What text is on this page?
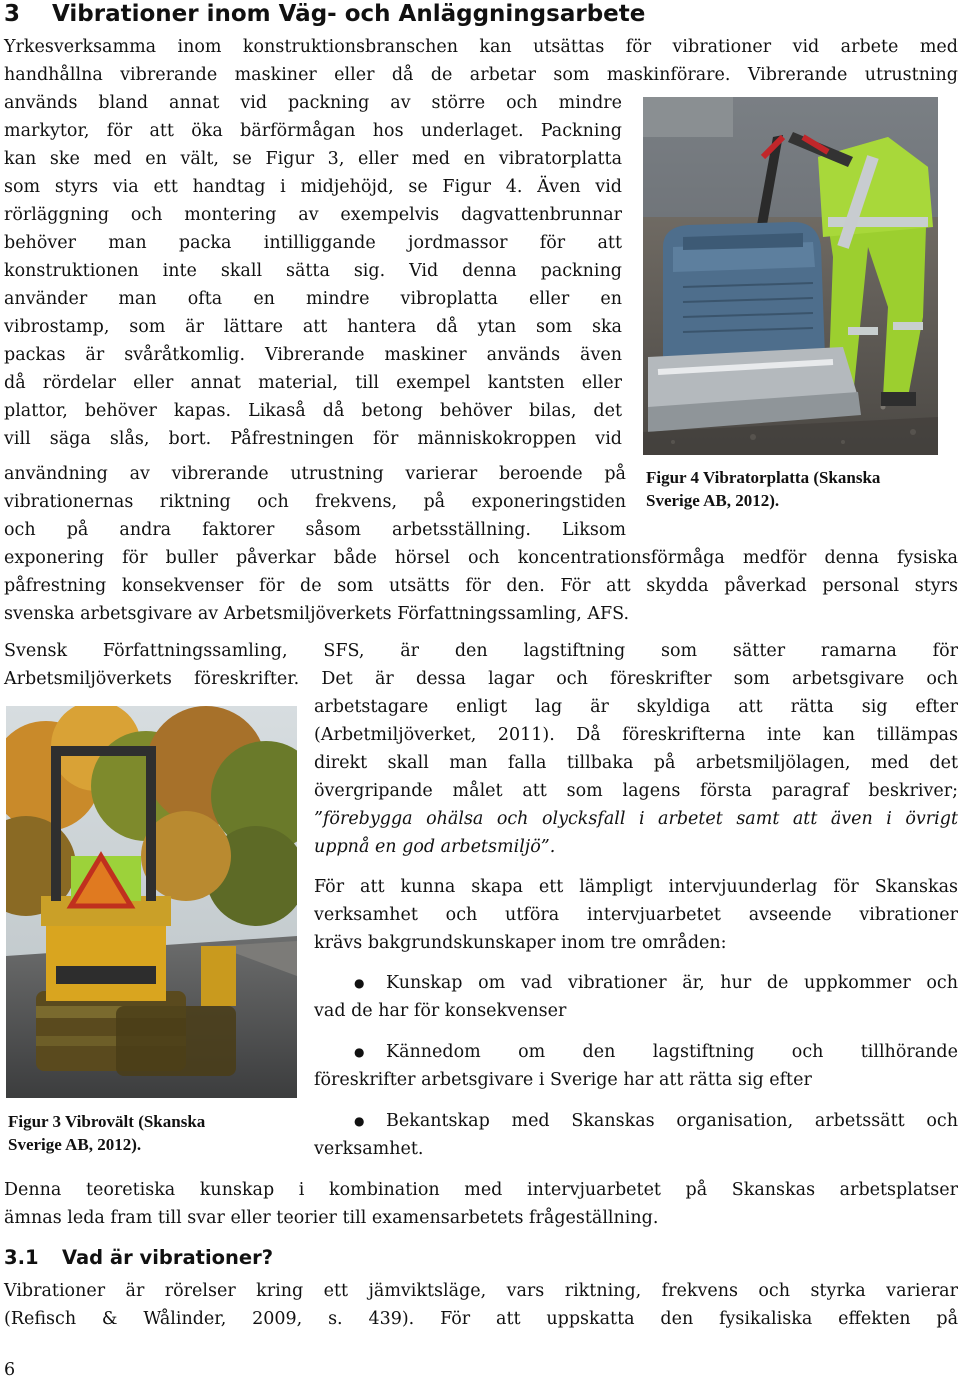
3 Vibrationer inom Väg- och Anläggningsarbete
Yrkesverksamma inom konstruktionsbranschen kan utsättas för vibrationer vid arbete med
handhållna vibrerande maskiner eller då de arbetar som maskinförare. Vibrerande utrustning
används bland annat vid packning av större och mindre
markytor, för att öka bärförmågan hos underlaget. Packning
kan ske med en vält, se Figur 3, eller med en vibratorplatta
som styrs via ett handtag i midjehöjd, se Figur 4. Även vid
rörläggning och montering av exempelvis dagvattenbrunnar
behöver man packa intilliggande jordmassor för att
konstruktionen inte skall sätta sig. Vid denna packning
använder man ofta en mindre vibroplatta eller en
vibrostamp, som är lättare att hantera då ytan som ska
packas är svåråtkomlig. Vibrerande maskiner används även
då rördelar eller annat material, till exempel kantsten eller
plattor, behöver kapas. Likaså då betong behöver bilas, det
vill säga slås, bort. Påfrestningen för människokroppen vid
användning av vibrerande utrustning varierar beroende på
vibrationernas riktning och frekvens, på exponeringstiden
och på andra faktorer såsom arbetsställning. Liksom
exponering för buller påverkar både hörsel och koncentrationsförmåga medför denna fysiska
påfrestning konsekvenser för de som utsätts för den. För att skydda påverkad personal styrs
svenska arbetsgivare av Arbetsmiljöverkets Författningssamling, AFS.
Figur 4 Vibratorplatta (Skanska
Sverige AB, 2012).
Svensk Författningssamling, SFS, är den lagstiftning som sätter ramarna för
Arbetsmiljöverkets föreskrifter. Det är dessa lagar och föreskrifter som arbetsgivare och
arbetstagare enligt lag är skyldiga att rätta sig efter
(Arbetmiljöverket, 2011). Då föreskrifterna inte kan tillämpas
direkt skall man falla tillbaka på arbetsmiljölagen, med det
övergripande målet att som lagens första paragraf beskriver;
”förebygga ohälsa och olycksfall i arbetet samt att även i övrigt
uppnå en god arbetsmiljö”.
För att kunna skapa ett lämpligt intervjuunderlag för Skanskas
verksamhet och utföra intervjuarbetet avseende vibrationer
krävs bakgrundskunskaper inom tre områden:
● Kunskap om vad vibrationer är, hur de uppkommer och
vad de har för konsekvenser
● Kännedom om den lagstiftning och tillhörande
föreskrifter arbetsgivare i Sverige har att rätta sig efter
● Bekantskap med Skanskas organisation, arbetssätt och
verksamhet.
Figur 3 Vibrovält (Skanska
Sverige AB, 2012).
Denna teoretiska kunskap i kombination med intervjuarbetet på Skanskas arbetsplatser
ämnas leda fram till svar eller teorier till examensarbetets frågeställning.
3.1 Vad är vibrationer?
Vibrationer är rörelser kring ett jämviktsläge, vars riktning, frekvens och styrka varierar
(Refisch & Wålinder, 2009, s. 439). För att uppskatta den fysikaliska effekten på
6
